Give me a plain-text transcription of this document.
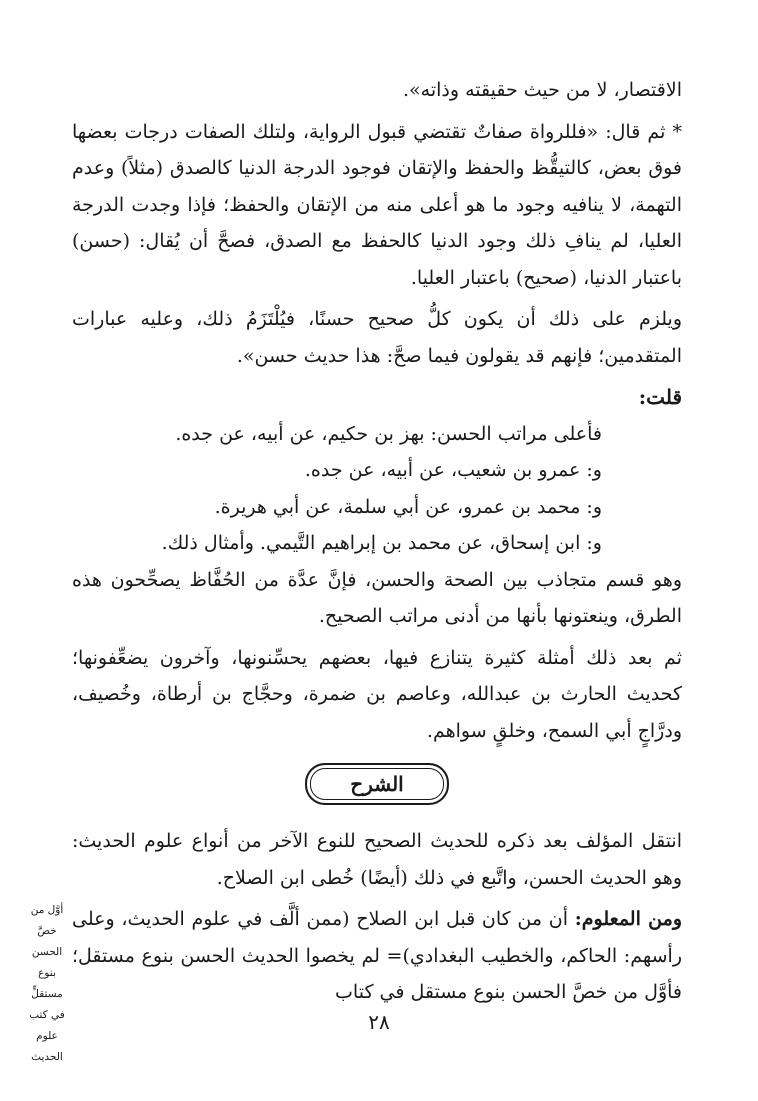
الاقتصار، لا من حيث حقيقته وذاته».

* ثم قال: «فللرواة صفاتٌ تقتضي قبول الرواية، ولتلك الصفات درجات بعضها فوق بعض، كالتيقُّظ والحفظ والإتقان فوجود الدرجة الدنيا كالصدق (مثلاً) وعدم التهمة، لا ينافيه وجود ما هو أعلى منه من الإتقان والحفظ؛ فإذا وجدت الدرجة العليا، لم ينافِ ذلك وجود الدنيا كالحفظ مع الصدق، فصحَّ أن يُقال: (حسن) باعتبار الدنيا، (صحيح) باعتبار العليا.

ويلزم على ذلك أن يكون كلُّ صحيح حسنًا، فيُلْتَزَمُ ذلك، وعليه عبارات المتقدمين؛ فإنهم قد يقولون فيما صحَّ: هذا حديث حسن».

قلت:

فأعلى مراتب الحسن: بهز بن حكيم، عن أبيه، عن جده.

و: عمرو بن شعيب، عن أبيه، عن جده.

و: محمد بن عمرو، عن أبي سلمة، عن أبي هريرة.

و: ابن إسحاق، عن محمد بن إبراهيم التَّيمي. وأمثال ذلك.

وهو قسم متجاذب بين الصحة والحسن، فإنَّ عدَّة من الحُفَّاظ يصحِّحون هذه الطرق، وينعتونها بأنها من أدنى مراتب الصحيح.

ثم بعد ذلك أمثلة كثيرة يتنازع فيها، بعضهم يحسِّنونها، وآخرون يضعِّفونها؛ كحديث الحارث بن عبدالله، وعاصم بن ضمرة، وحجَّاج بن أرطاة، وخُصيف، ودرَّاجٍ أبي السمح، وخلقٍ سواهم.

الشرح

انتقل المؤلف بعد ذكره للحديث الصحيح للنوع الآخر من أنواع علوم الحديث: وهو الحديث الحسن، واتَّبع في ذلك (أيضًا) خُطى ابن الصلاح.

ومن المعلوم: أن من كان قبل ابن الصلاح (ممن ألَّف في علوم الحديث، وعلى رأسهم: الحاكم، والخطيب البغدادي)= لم يخصوا الحديث الحسن بنوع مستقل؛ فأوَّل من خصَّ الحسن بنوع مستقل في كتاب

أوَّل من خصَّ الحسن بنوع مستقلٍّ في كتب علوم الحديث
٢٨
